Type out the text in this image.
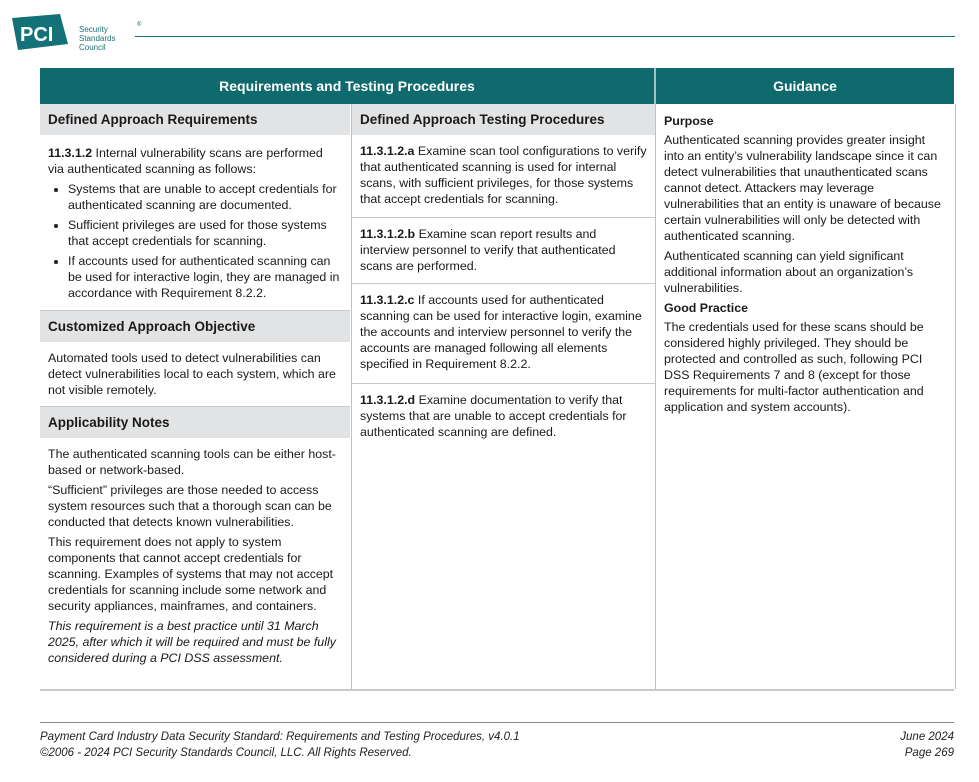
PCI	Security
Standards Council
®
Requirements and Testing Procedures	Guidance
Defined Approach Requirements
11.3.1.2 Internal vulnerability scans are performed via authenticated scanning as follows:
• Systems that are unable to accept credentials for authenticated scanning are documented.
• Sufficient privileges are used for those systems that accept credentials for scanning.
• If accounts used for authenticated scanning can be used for interactive login, they are managed in accordance with Requirement 8.2.2.
Customized Approach Objective
Automated tools used to detect vulnerabilities can detect vulnerabilities local to each system, which are not visible remotely.
Applicability Notes

The authenticated scanning tools can be either host-based or network-based.

“Sufficient” privileges are those needed to access system resources such that a thorough scan can be conducted that detects known vulnerabilities.

This requirement does not apply to system components that cannot accept credentials for scanning. Examples of systems that may not accept credentials for scanning include some network and security appliances, mainframes, and containers.

This requirement is a best practice until 31 March 2025, after which it will be required and must be fully considered during a PCI DSS assessment.

Defined Approach Testing Procedures
11.3.1.2.a Examine scan tool configurations to verify that authenticated scanning is used for internal scans, with sufficient privileges, for those systems that accept credentials for scanning.
11.3.1.2.b Examine scan report results and interview personnel to verify that authenticated scans are performed.
11.3.1.2.c If accounts used for authenticated scanning can be used for interactive login, examine the accounts and interview personnel to verify the accounts are managed following all elements specified in Requirement 8.2.2.
11.3.1.2.d Examine documentation to verify that systems that are unable to accept credentials for authenticated scanning are defined.
Purpose

Authenticated scanning provides greater insight into an entity’s vulnerability landscape since it can detect vulnerabilities that unauthenticated scans cannot detect. Attackers may leverage vulnerabilities that an entity is unaware of because certain vulnerabilities will only be detected with authenticated scanning.

Authenticated scanning can yield significant additional information about an organization’s vulnerabilities.

Good Practice

The credentials used for these scans should be considered highly privileged. They should be protected and controlled as such, following PCI DSS Requirements 7 and 8 (except for those requirements for multi-factor authentication and application and system accounts).

Payment Card Industry Data Security Standard: Requirements and Testing Procedures, v4.0.1
©2006 - 2024 PCI Security Standards Council, LLC. All Rights Reserved.
June 2024
Page 269
